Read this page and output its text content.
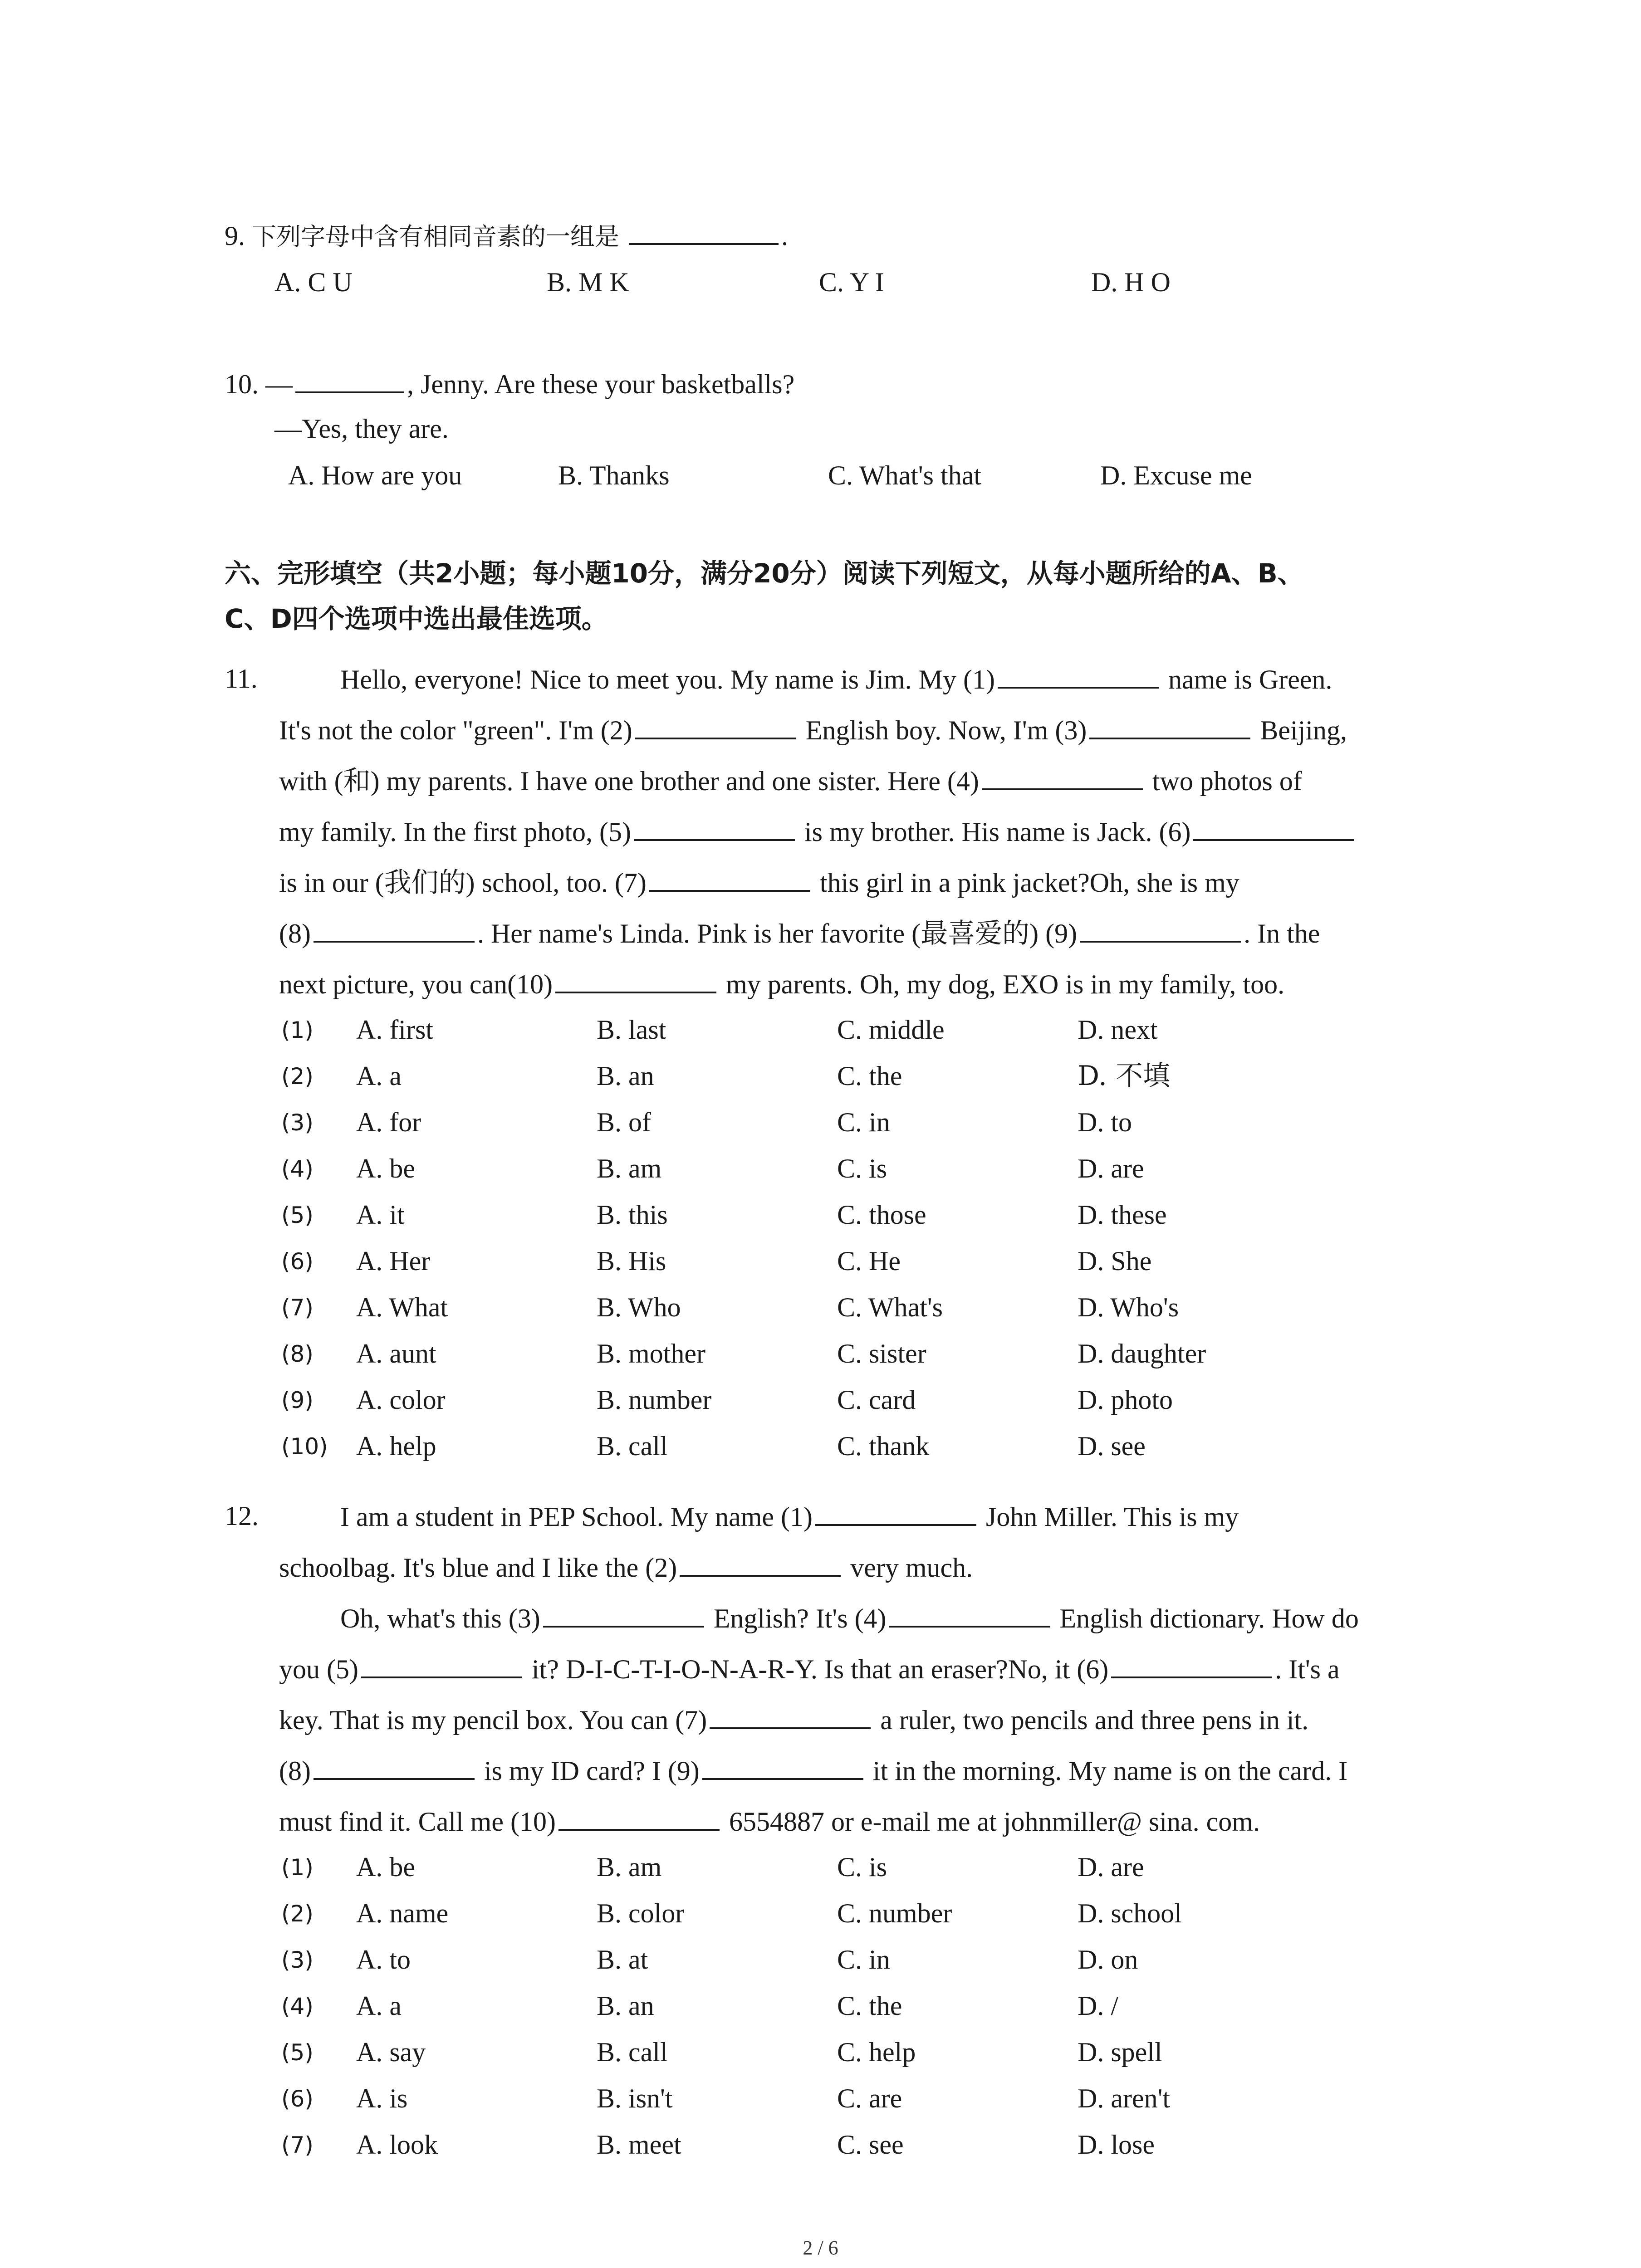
9. 下列字母中含有相同音素的一组是	.
A. C U	B. M K	C. Y I	D. H O
10. —	, Jenny. Are these your basketballs?
—Yes, they are.
A. How are you	B. Thanks	C. What's that	D. Excuse me
六、完形填空（共2小题；每小题10分，满分20分）阅读下列短文，从每小题所给的A、B、
C、D四个选项中选出最佳选项。
11.	Hello, everyone! Nice to meet you. My name is Jim. My (1)	name is Green.
It's not the color "green". I'm (2)	English boy. Now, I'm (3)	Beijing,
with (和) my parents. I have one brother and one sister. Here (4)	two photos of
my family. In the first photo, (5)	is my brother. His name is Jack. (6)
is in our (我们的) school, too. (7)	this girl in a pink jacket?Oh, she is my
(8)	. Her name's Linda. Pink is her favorite (最喜爱的) (9)	. In the
next picture, you can(10)	my parents. Oh, my dog, EXO is in my family, too.
(1) A. first	B. last	C. middle	D. next
(2) A. a	B. an	C. the	D. 不填
(3) A. for	B. of	C. in	D. to
(4) A. be	B. am	C. is	D. are
(5) A. it	B. this	C. those	D. these
(6) A. Her	B. His	C. He	D. She
(7) A. What	B. Who	C. What's	D. Who's
(8) A. aunt	B. mother	C. sister	D. daughter
(9) A. color	B. number	C. card	D. photo
(10) A. help	B. call	C. thank	D. see
12.	I am a student in PEP School. My name (1)	John Miller. This is my
schoolbag. It's blue and I like the (2)	very much.
Oh, what's this (3)	English? It's (4)	English dictionary. How do
you (5)	it? D-I-C-T-I-O-N-A-R-Y. Is that an eraser?No, it (6)	. It's a
key. That is my pencil box. You can (7)	a ruler, two pencils and three pens in it.
(8)	is my ID card? I (9)	it in the morning. My name is on the card. I
must find it. Call me (10)	6554887 or e-mail me at johnmiller@ sina. com.
(1) A. be	B. am	C. is	D. are
(2) A. name	B. color	C. number	D. school
(3) A. to	B. at	C. in	D. on
(4) A. a	B. an	C. the	D. /
(5) A. say	B. call	C. help	D. spell
(6) A. is	B. isn't	C. are	D. aren't
(7) A. look	B. meet	C. see	D. lose
2 / 6
